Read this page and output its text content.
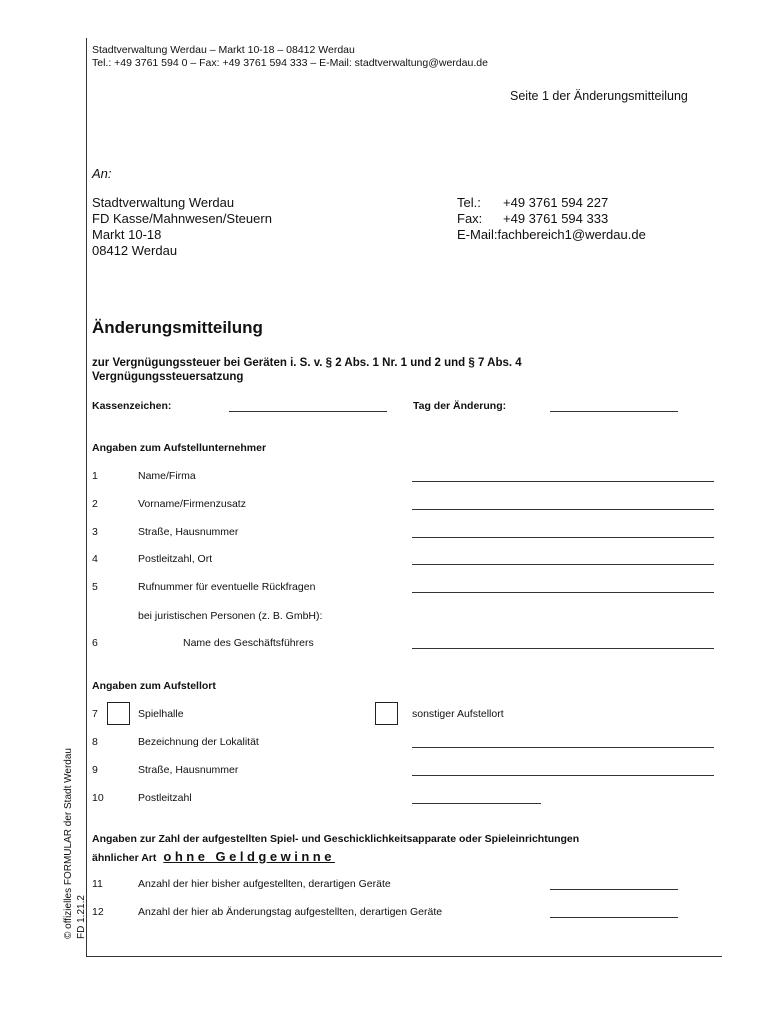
Stadtverwaltung Werdau – Markt 10-18 – 08412 Werdau
Tel.: +49 3761 594 0 – Fax: +49 3761 594 333 – E-Mail: stadtverwaltung@werdau.de
Seite 1 der Änderungsmitteilung
An:
Stadtverwaltung Werdau
FD Kasse/Mahnwesen/Steuern
Markt 10-18
08412 Werdau
Tel.: +49 3761 594 227
Fax: +49 3761 594 333
E-Mail:fachbereich1@werdau.de
Änderungsmitteilung
zur Vergnügungssteuer bei Geräten i. S. v. § 2 Abs. 1 Nr. 1 und 2 und § 7 Abs. 4
Vergnügungssteuersatzung
Kassenzeichen:	Tag der Änderung:
Angaben zum Aufstellunternehmer
1	Name/Firma
2	Vorname/Firmenzusatz
3	Straße, Hausnummer
4	Postleitzahl, Ort
5	Rufnummer für eventuelle Rückfragen
bei juristischen Personen (z. B. GmbH):
6	Name des Geschäftsführers
Angaben zum Aufstellort
7	Spielhalle	sonstiger Aufstellort
8	Bezeichnung der Lokalität
9	Straße, Hausnummer
10	Postleitzahl
Angaben zur Zahl der aufgestellten Spiel- und Geschicklichkeitsapparate oder Spieleinrichtungen
ähnlicher Art ohne Geldgewinne
11	Anzahl der hier bisher aufgestellten, derartigen Geräte
12	Anzahl der hier ab Änderungstag aufgestellten, derartigen Geräte
© offizielles FORMULAR der Stadt Werdau FD 1.21.2
